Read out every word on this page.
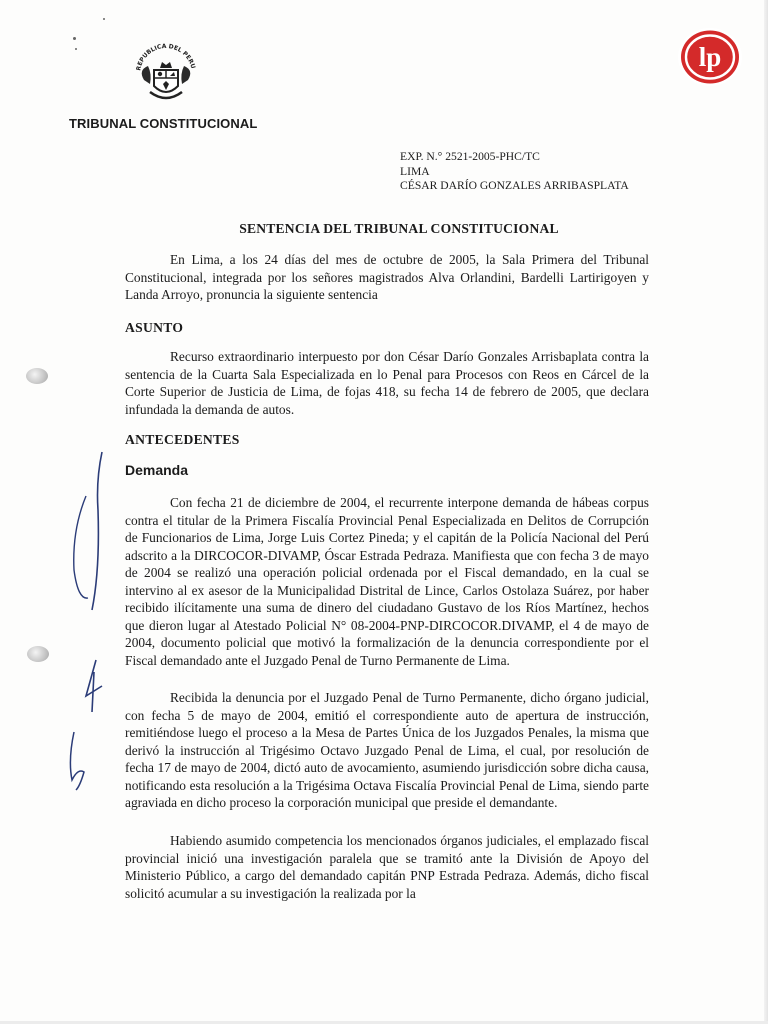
REPUBLICA DEL PERU

TRIBUNAL CONSTITUCIONAL

lp
EXP. N.° 2521-2005-PHC/TC
LIMA
CÉSAR DARÍO GONZALES ARRIBASPLATA

SENTENCIA DEL TRIBUNAL CONSTITUCIONAL

En Lima, a los 24 días del mes de octubre de 2005, la Sala Primera del Tribunal Constitucional, integrada por los señores magistrados Alva Orlandini, Bardelli Lartirigoyen y Landa Arroyo, pronuncia la siguiente sentencia

ASUNTO

Recurso extraordinario interpuesto por don César Darío Gonzales Arrisbaplata contra la sentencia de la Cuarta Sala Especializada en lo Penal para Procesos con Reos en Cárcel de la Corte Superior de Justicia de Lima, de fojas 418, su fecha 14 de febrero de 2005, que declara infundada la demanda de autos.

ANTECEDENTES

Demanda

Con fecha 21 de diciembre de 2004, el recurrente interpone demanda de hábeas corpus contra el titular de la Primera Fiscalía Provincial Penal Especializada en Delitos de Corrupción de Funcionarios de Lima, Jorge Luis Cortez Pineda; y el capitán de la Policía Nacional del Perú adscrito a la DIRCOCOR-DIVAMP, Óscar Estrada Pedraza. Manifiesta que con fecha 3 de mayo de 2004 se realizó una operación policial ordenada por el Fiscal demandado, en la cual se intervino al ex asesor de la Municipalidad Distrital de Lince, Carlos Ostolaza Suárez, por haber recibido ilícitamente una suma de dinero del ciudadano Gustavo de los Ríos Martínez, hechos que dieron lugar al Atestado Policial N° 08-2004-PNP-DIRCOCOR.DIVAMP, el 4 de mayo de 2004, documento policial que motivó la formalización de la denuncia correspondiente por el Fiscal demandado ante el Juzgado Penal de Turno Permanente de Lima.

Recibida la denuncia por el Juzgado Penal de Turno Permanente, dicho órgano judicial, con fecha 5 de mayo de 2004, emitió el correspondiente auto de apertura de instrucción, remitiéndose luego el proceso a la Mesa de Partes Única de los Juzgados Penales, la misma que derivó la instrucción al Trigésimo Octavo Juzgado Penal de Lima, el cual, por resolución de fecha 17 de mayo de 2004, dictó auto de avocamiento, asumiendo jurisdicción sobre dicha causa, notificando esta resolución a la Trigésima Octava Fiscalía Provincial Penal de Lima, siendo parte agraviada en dicho proceso la corporación municipal que preside el demandante.

Habiendo asumido competencia los mencionados órganos judiciales, el emplazado fiscal provincial inició una investigación paralela que se tramitó ante la División de Apoyo del Ministerio Público, a cargo del demandado capitán PNP Estrada Pedraza. Además, dicho fiscal solicitó acumular a su investigación la realizada por la
